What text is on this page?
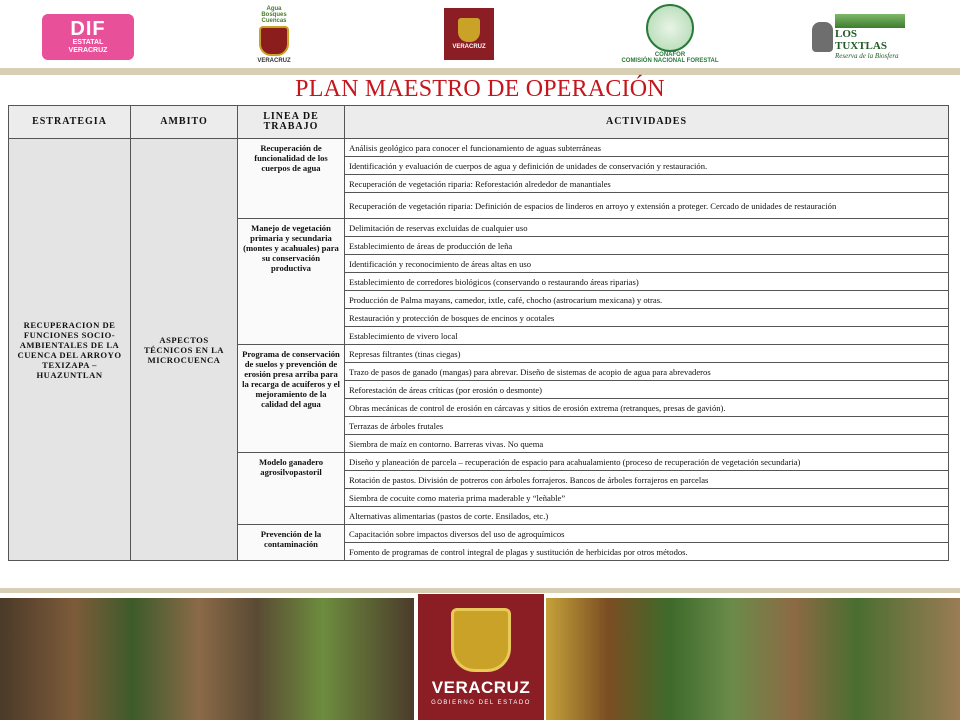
DIF
ESTATAL
VERACRUZ
Agua
Bosques
Cuencas
VERACRUZ
VERACRUZ
CONAFOR
COMISIÓN NACIONAL FORESTAL
LOS TUXTLAS
Reserva de la Biosfera
PLAN MAESTRO DE OPERACIÓN
ESTRATEGIA	AMBITO	LINEA DE TRABAJO	ACTIVIDADES
RECUPERACION DE FUNCIONES SOCIO-AMBIENTALES DE LA CUENCA DEL ARROYO TEXIZAPA – HUAZUNTLAN	ASPECTOS TÉCNICOS EN LA MICROCUENCA	Recuperación de funcionalidad de los cuerpos de agua	Análisis geológico para conocer el funcionamiento de aguas subterráneas
			Identificación y evaluación de cuerpos de agua y definición de unidades de conservación y restauración.
			Recuperación de vegetación riparia: Reforestación alrededor de manantiales
			Recuperación de vegetación riparia: Definición de espacios de linderos en arroyo y extensión a proteger. Cercado de unidades de restauración
		Manejo de vegetación primaria y secundaria (montes y acahuales) para su conservación productiva	Delimitación de reservas excluidas de cualquier uso
			Establecimiento de áreas de producción de leña
			Identificación y reconocimiento de áreas altas en uso
			Establecimiento de corredores biológicos (conservando o restaurando áreas riparias)
			Producción de Palma mayans, camedor, ixtle, café, chocho (astrocarium mexicana) y otras.
			Restauración y protección de bosques de encinos y ocotales
			Establecimiento de vivero local
		Programa de conservación de suelos y prevención de erosión presa arriba para la recarga de acuíferos y el mejoramiento de la calidad del agua	Represas filtrantes (tinas ciegas)
			Trazo de pasos de ganado (mangas) para abrevar. Diseño de sistemas de acopio de agua para abrevaderos
			Reforestación de áreas críticas (por erosión o desmonte)
			Obras mecánicas de control de erosión en cárcavas y sitios de erosión extrema (retranques, presas de gavión).
			Terrazas de árboles frutales
			Siembra de maíz en contorno. Barreras vivas. No quema
		Modelo ganadero agrosilvopastoril	Diseño y planeación de parcela – recuperación de espacio para acahualamiento (proceso de recuperación de vegetación secundaria)
			Rotación de pastos. División de potreros con árboles forrajeros. Bancos de árboles forrajeros en parcelas
			Siembra de cocuite como materia prima maderable y “leñable”
			Alternativas alimentarias (pastos de corte. Ensilados, etc.)
		Prevención de la contaminación	Capacitación sobre impactos diversos del uso de agroquímicos
			Fomento de programas de control integral de plagas y sustitución de herbicidas por otros métodos.
VERACRUZ
GOBIERNO DEL ESTADO
